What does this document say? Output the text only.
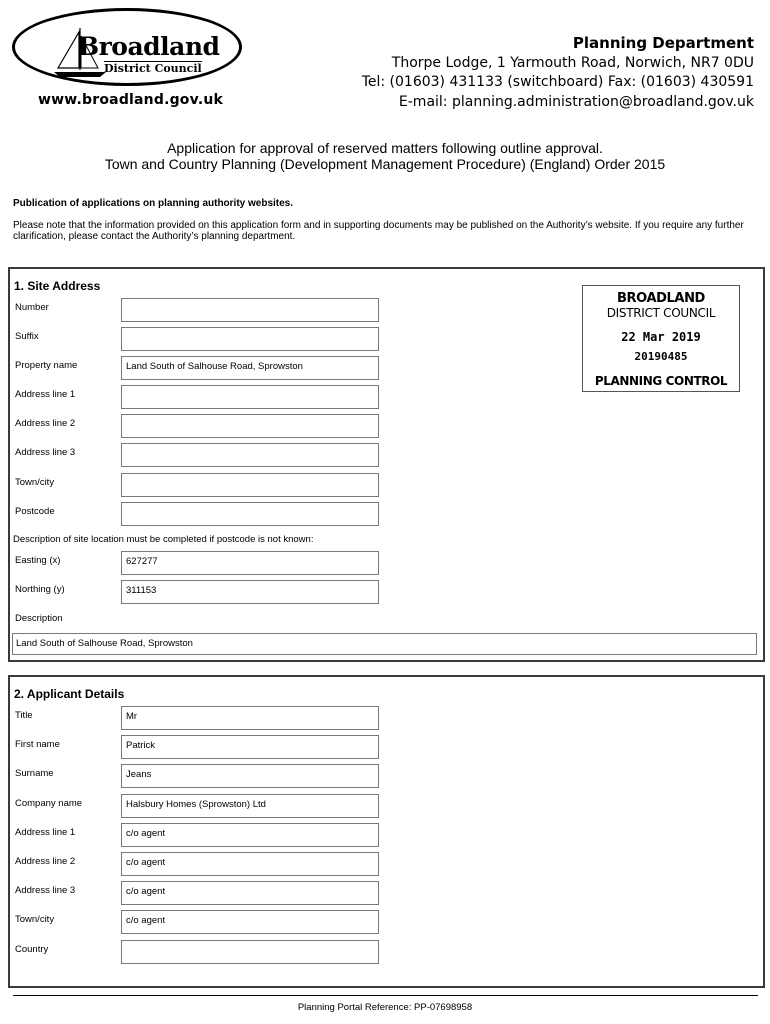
Broadland
District Council
www.broadland.gov.uk
Planning Department
Thorpe Lodge, 1 Yarmouth Road, Norwich, NR7 0DU
Tel: (01603) 431133 (switchboard) Fax: (01603) 430591
E-mail: planning.administration@broadland.gov.uk
Application for approval of reserved matters following outline approval.
Town and Country Planning (Development Management Procedure) (England) Order 2015
Publication of applications on planning authority websites.
Please note that the information provided on this application form and in supporting documents may be published on the Authority’s website. If you require any further clarification, please contact the Authority’s planning department.
1. Site Address
Number
Suffix
Property name	Land South of Salhouse Road, Sprowston
Address line 1
Address line 2
Address line 3
Town/city
Postcode
Description of site location must be completed if postcode is not known:
Easting (x)	627277
Northing (y)	311153
Description
Land South of Salhouse Road, Sprowston
BROADLAND
DISTRICT COUNCIL
22 Mar 2019
20190485
PLANNING CONTROL
2. Applicant Details
Title	Mr
First name	Patrick
Surname	Jeans
Company name	Halsbury Homes (Sprowston) Ltd
Address line 1	c/o agent
Address line 2	c/o agent
Address line 3	c/o agent
Town/city	c/o agent
Country
Planning Portal Reference: PP-07698958
